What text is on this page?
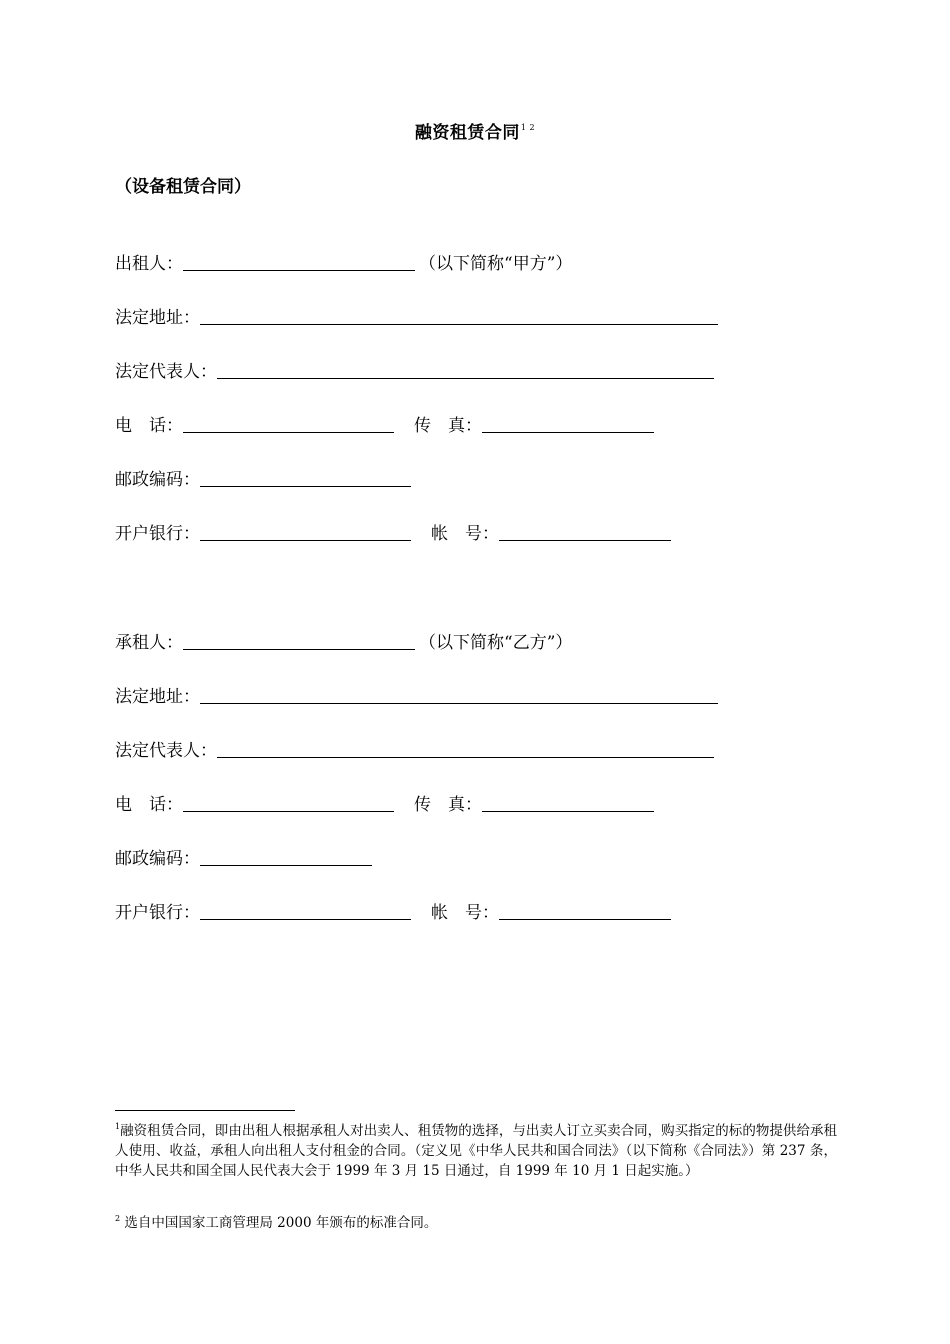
融资租赁合同$^{1 2}$
（设备租赁合同）
出租人：	（以下简称“甲方”）
法定地址：
法定代表人：
电　话：	传　真：
邮政编码：
开户银行：	帐　号：
承租人：	（以下简称“乙方”）
法定地址：
法定代表人：
电　话：	传　真：
邮政编码：
开户银行：	帐　号：
$^1$融资租赁合同，即由出租人根据承租人对出卖人、租赁物的选择，与出卖人订立买卖合同，购买指定的标的物提供给承租人使用、收益，承租人向出租人支付租金的合同。（定义见《中华人民共和国合同法》（以下简称《合同法》）第 237 条，中华人民共和国全国人民代表大会于 1999 年 3 月 15 日通过，自 1999 年 10 月 1 日起实施。）
$^2$ 选自中国国家工商管理局 2000 年颁布的标准合同。
